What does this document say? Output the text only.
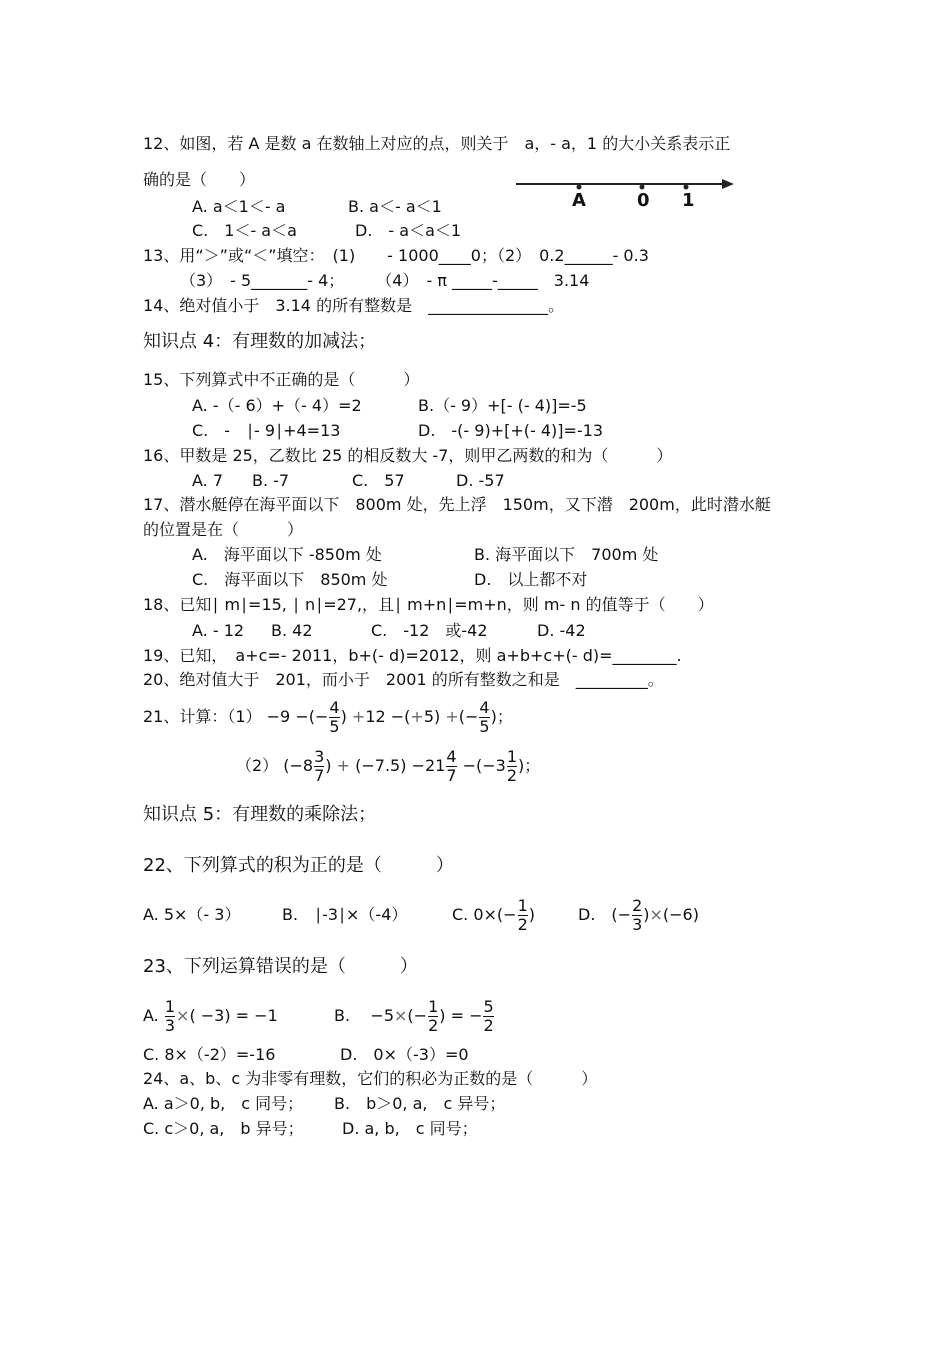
12、如图，若 A 是数 a 在数轴上对应的点，则关于　a，- a，1 的大小关系表示正
确的是（　　）
A. a＜1＜- a	B. a＜- a＜1
C.　1＜- a＜a	D.　- a＜a＜1
A	0 1
13、用“＞”或“＜”填空：　(1)　　- 1000____0；（2）　0.2______- 0.3
（3）　- 5_______- 4；　　　（4）　- π _____-_____　3.14
14、绝对值小于　3.14 的所有整数是　_______________。
知识点 4：有理数的加减法；
15、下列算式中不正确的是（　　　）
A. -（- 6）+（- 4）=2	B.（- 9）+[- (- 4)]=-5
C.　-　∣- 9∣+4=13	D.　-(- 9)+[+(- 4)]=-13
16、甲数是 25，乙数比 25 的相反数大 -7，则甲乙两数的和为（　　　）
A. 7 B. -7	C.　57	D. -57
17、潜水艇停在海平面以下　800m 处，先上浮　150m，又下潜　200m，此时潜水艇
的位置是在（　　　）
A.　海平面以下 -850m 处	B. 海平面以下　700m 处
C.　海平面以下　850m 处	D.　以上都不对
18、已知∣ m∣=15, ∣ n∣=27,，且∣ m+n∣=m+n，则 m- n 的值等于（　　）
A. - 12 B. 42	C.　-12　或-42	D. -42
19、已知，　a+c=- 2011，b+(- d)=2012，则 a+b+c+(- d)=________.
20、绝对值大于　201，而小于　2001 的所有整数之和是　_________。
21、计算：（1） −9 −(− $\frac{4}{5}$ ) +12 −(+5) +(− $\frac{4}{5}$ )；
（2） ($-8 \frac{3}{7}$ ) + $(-7.5) -21 \frac{4}{7} -(-3 \frac{1}{2}$ )；
知识点 5：有理数的乘除法；
22、下列算式的积为正的是（　　　）
A. 5×（- 3）	B.　∣-3∣×（-4）	C. $0\times(- \frac{1}{2}$ )	D.　(− $\frac{2}{3} )\times(-6)$
23、下列运算错误的是（　　　）
A. $\frac{1}{3}$ ×( −3) = −1	B. $-5\times(- \frac{1}{2}$ ) = − $\frac{5}{2}$
C. 8×（-2）=-16	D.　0×（-3）=0
24、a、b、c 为非零有理数，它们的积必为正数的是（　　　）
A. a＞0, b,　c 同号； B.　b＞0, a,　c 异号；
C. c＞0, a,　b 异号； D. a, b,　c 同号；
